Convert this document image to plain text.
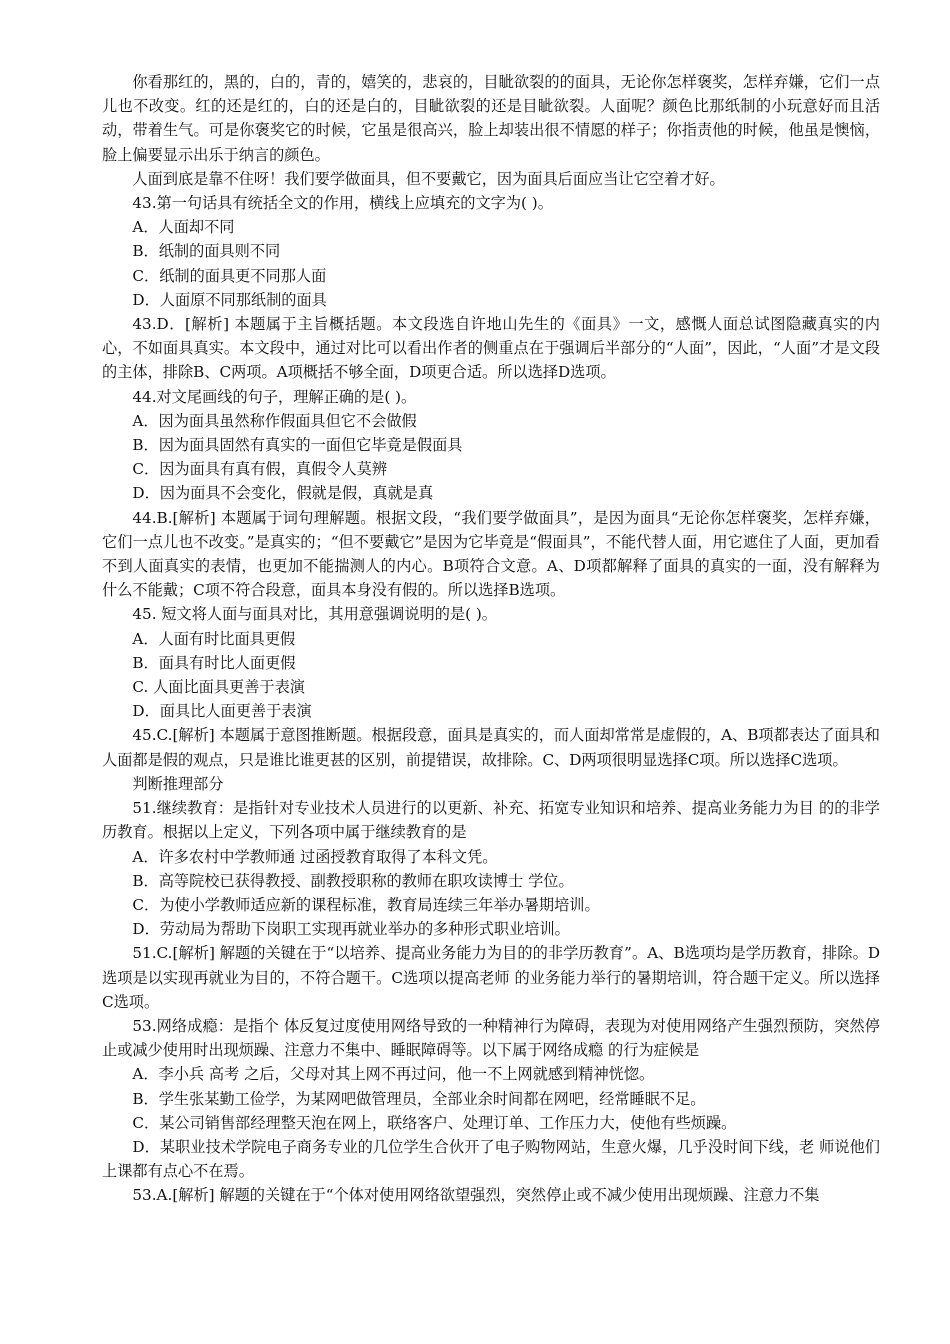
你看那红的，黑的，白的，青的，嬉笑的，悲哀的，目眦欲裂的的面具，无论你怎样褒奖，怎样弃嫌，它们一点儿也不改变。红的还是红的，白的还是白的，目眦欲裂的还是目眦欲裂。人面呢？颜色比那纸制的小玩意好而且活动，带着生气。可是你褒奖它的时候，它虽是很高兴，脸上却装出很不情愿的样子；你指责他的时候，他虽是懊恼，脸上偏要显示出乐于纳言的颜色。

人面到底是靠不住呀！我们要学做面具，但不要戴它，因为面具后面应当让它空着才好。

43.第一句话具有统括全文的作用，横线上应填充的文字为( )。

A．人面却不同

B．纸制的面具则不同

C．纸制的面具更不同那人面

D．人面原不同那纸制的面具

43.D．[解析] 本题属于主旨概括题。本文段选自许地山先生的《面具》一文，感慨人面总试图隐藏真实的内心，不如面具真实。本文段中，通过对比可以看出作者的侧重点在于强调后半部分的“人面”，因此，“人面”才是文段的主体，排除B、C两项。A项概括不够全面，D项更合适。所以选择D选项。

44.对文尾画线的句子，理解正确的是( )。

A．因为面具虽然称作假面具但它不会做假

B．因为面具固然有真实的一面但它毕竟是假面具

C．因为面具有真有假，真假令人莫辨

D．因为面具不会变化，假就是假，真就是真

44.B.[解析] 本题属于词句理解题。根据文段，“我们要学做面具”，是因为面具“无论你怎样褒奖，怎样弃嫌，它们一点儿也不改变。”是真实的；“但不要戴它”是因为它毕竟是“假面具”，不能代替人面，用它遮住了人面，更加看不到人面真实的表情，也更加不能揣测人的内心。B项符合文意。A、D项都解释了面具的真实的一面，没有解释为什么不能戴；C项不符合段意，面具本身没有假的。所以选择B选项。

45. 短文将人面与面具对比，其用意强调说明的是( )。

A．人面有时比面具更假

B．面具有时比人面更假

C. 人面比面具更善于表演

D．面具比人面更善于表演

45.C.[解析] 本题属于意图推断题。根据段意，面具是真实的，而人面却常常是虚假的，A、B项都表达了面具和人面都是假的观点，只是谁比谁更甚的区别，前提错误，故排除。C、D两项很明显选择C项。所以选择C选项。

判断推理部分

51.继续教育：是指针对专业技术人员进行的以更新、补充、拓宽专业知识和培养、提高业务能力为目 的的非学历教育。根据以上定义，下列各项中属于继续教育的是

A．许多农村中学教师通 过函授教育取得了本科文凭。

B．高等院校已获得教授、副教授职称的教师在职攻读博士 学位。

C．为使小学教师适应新的课程标准，教育局连续三年举办暑期培训。

D．劳动局为帮助下岗职工实现再就业举办的多种形式职业培训。

51.C.[解析] 解题的关键在于“以培养、提高业务能力为目的的非学历教育”。A、B选项均是学历教育，排除。D选项是以实现再就业为目的，不符合题干。C选项以提高老师 的业务能力举行的暑期培训，符合题干定义。所以选择C选项。

53.网络成瘾：是指个 体反复过度使用网络导致的一种精神行为障碍，表现为对使用网络产生强烈预防，突然停止或减少使用时出现烦躁、注意力不集中、睡眠障碍等。以下属于网络成瘾 的行为症候是

A．李小兵 高考 之后，父母对其上网不再过问，他一不上网就感到精神恍惚。

B．学生张某勤工俭学，为某网吧做管理员，全部业余时间都在网吧，经常睡眠不足。

C．某公司销售部经理整天泡在网上，联络客户、处理订单、工作压力大，使他有些烦躁。

D．某职业技术学院电子商务专业的几位学生合伙开了电子购物网站，生意火爆，几乎没时间下线，老 师说他们上课都有点心不在焉。

53.A.[解析] 解题的关键在于“个体对使用网络欲望强烈，突然停止或不减少使用出现烦躁、注意力不集
